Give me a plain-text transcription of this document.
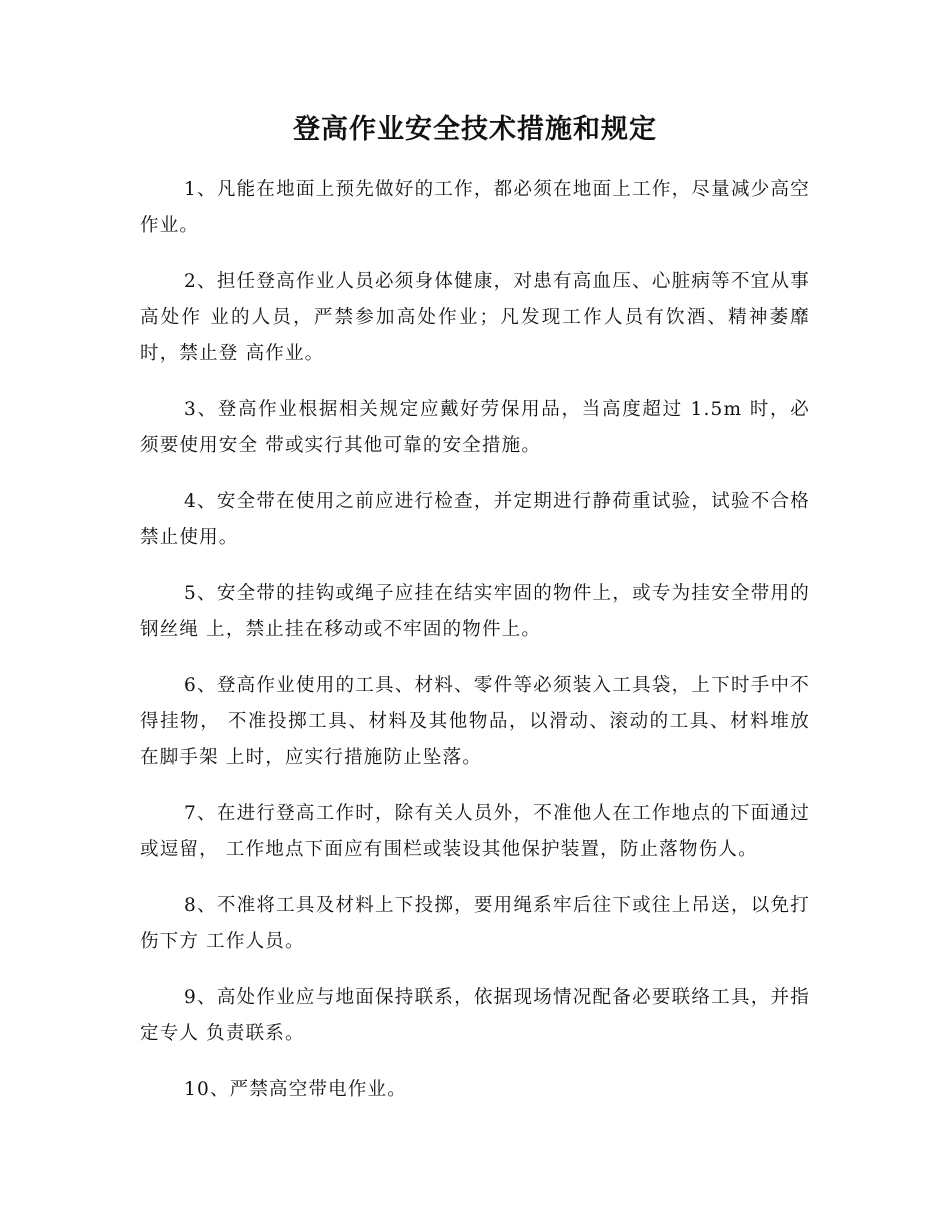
登高作业安全技术措施和规定

1、凡能在地面上预先做好的工作，都必须在地面上工作，尽量减少高空作业。

2、担任登高作业人员必须身体健康，对患有高血压、心脏病等不宜从事高处作 业的人员，严禁参加高处作业；凡发现工作人员有饮酒、精神萎靡时，禁止登 高作业。

3、登高作业根据相关规定应戴好劳保用品，当高度超过 1.5m 时，必须要使用安全 带或实行其他可靠的安全措施。

4、安全带在使用之前应进行检查，并定期进行静荷重试验，试验不合格禁止使用。

5、安全带的挂钩或绳子应挂在结实牢固的物件上，或专为挂安全带用的钢丝绳 上，禁止挂在移动或不牢固的物件上。

6、登高作业使用的工具、材料、零件等必须装入工具袋，上下时手中不得挂物， 不准投掷工具、材料及其他物品，以滑动、滚动的工具、材料堆放在脚手架 上时，应实行措施防止坠落。

7、在进行登高工作时，除有关人员外，不准他人在工作地点的下面通过或逗留， 工作地点下面应有围栏或装设其他保护装置，防止落物伤人。

8、不准将工具及材料上下投掷，要用绳系牢后往下或往上吊送，以免打伤下方 工作人员。

9、高处作业应与地面保持联系，依据现场情况配备必要联络工具，并指定专人 负责联系。

10、严禁高空带电作业。
